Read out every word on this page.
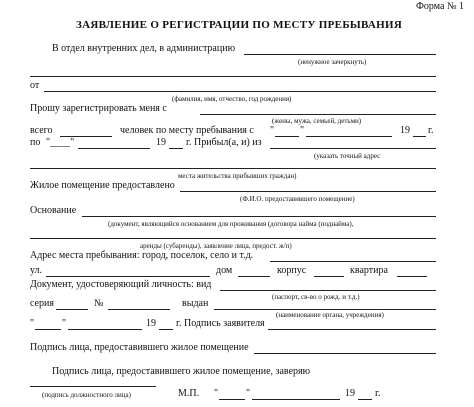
Форма № 1
ЗАЯВЛЕНИЕ О РЕГИСТРАЦИИ ПО МЕСТУ ПРЕБЫВАНИЯ
В отдел внутренних дел, в администрацию
(ненужное зачеркнуть)
от
(фамилия, имя, отчество, год рождения)
Прошу зарегистрировать меня с
(жены, мужа, семьей, детьми)
всего	человек по месту пребывания с "	"	19 г.
по "____"	19 г. Прибыл(а, и) из
(указать точный адрес
места жительства прибывших граждан)
Жилое помещение предоставлено
(Ф.И.О. предоставившего помещение)
Основание
(документ, являющийся основанием для проживания (договора найма (поднайма),
аренды (субаренды), заявление лица, предост. ж/п)
Адрес места пребывания: город, поселок, село и т.д.
ул.	дом	корпус	квартира
Документ, удостоверяющий личность: вид
(паспорт, св-во о рожд. и т.д.)
серия	№	выдан
(наименование органа, учреждения)
"	"	19 г. Подпись заявителя
Подпись лица, предоставившего жилое помещение
Подпись лица, предоставившего жилое помещение, заверяю
(подпись должностного лица)	М.П. "	"	19 г.
